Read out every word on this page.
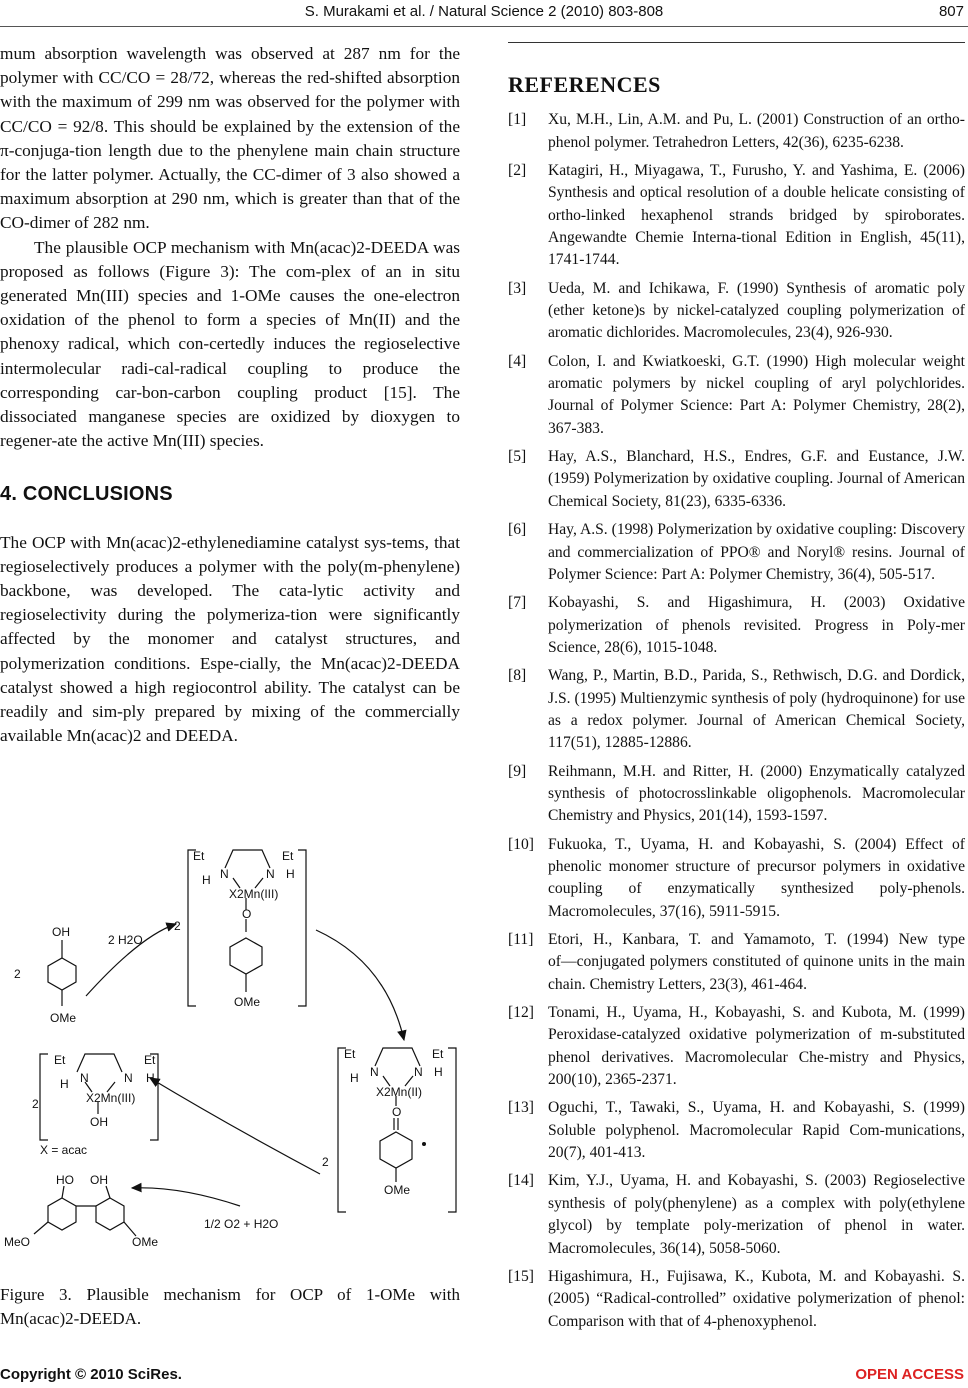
S. Murakami et al. / Natural Science 2 (2010) 803-808	807

mum absorption wavelength was observed at 287 nm for the polymer with CC/CO = 28/72, whereas the red-shifted absorption with the maximum of 299 nm was observed for the polymer with CC/CO = 92/8. This should be explained by the extension of the π-conjuga-tion length due to the phenylene main chain structure for the latter polymer. Actually, the CC-dimer of 3 also showed a maximum absorption at 290 nm, which is greater than that of the CO-dimer of 282 nm.

The plausible OCP mechanism with Mn(acac)2-DEEDA was proposed as follows (Figure 3): The com-plex of an in situ generated Mn(III) species and 1-OMe causes the one-electron oxidation of the phenol to form a species of Mn(II) and the phenoxy radical, which con-certedly induces the regioselective intermolecular radi-cal-radical coupling to produce the corresponding car-bon-carbon coupling product [15]. The dissociated manganese species are oxidized by dioxygen to regener-ate the active Mn(III) species.

4. CONCLUSIONS

The OCP with Mn(acac)2-ethylenediamine catalyst sys-tems, that regioselectively produces a polymer with the poly(m-phenylene) backbone, was developed. The cata-lytic activity and regioselectivity during the polymeriza-tion were significantly affected by the monomer and catalyst structures, and polymerization conditions. Espe-cially, the Mn(acac)2-DEEDA catalyst showed a high regiocontrol ability. The catalyst can be readily and sim-ply prepared by mixing of the commercially available Mn(acac)2 and DEEDA.

OH
OMe
2
2 H2O
2
Et	Et
N	N
H	H
X2Mn(III)
O
OMe
Et	Et
N	N
H	H
X2Mn(III)
OH
2
X = acac
Et	Et
N	N
H	H
X2Mn(II)
O
OMe
2
HO OH
MeO	OMe
1/2 O2 + H2O
Figure 3. Plausible mechanism for OCP of 1-OMe with Mn(acac)2-DEEDA.
REFERENCES
[1] Xu, M.H., Lin, A.M. and Pu, L. (2001) Construction of an ortho-phenol polymer. Tetrahedron Letters, 42(36), 6235-6238.
[2] Katagiri, H., Miyagawa, T., Furusho, Y. and Yashima, E. (2006) Synthesis and optical resolution of a double helicate consisting of ortho-linked hexaphenol strands bridged by spiroborates. Angewandte Chemie Interna-tional Edition in English, 45(11), 1741-1744.
[3] Ueda, M. and Ichikawa, F. (1990) Synthesis of aromatic poly (ether ketone)s by nickel-catalyzed coupling polymerization of aromatic dichlorides. Macromolecules, 23(4), 926-930.
[4] Colon, I. and Kwiatkoeski, G.T. (1990) High molecular weight aromatic polymers by nickel coupling of aryl polychlorides. Journal of Polymer Science: Part A: Polymer Chemistry, 28(2), 367-383.
[5] Hay, A.S., Blanchard, H.S., Endres, G.F. and Eustance, J.W. (1959) Polymerization by oxidative coupling. Journal of American Chemical Society, 81(23), 6335-6336.
[6] Hay, A.S. (1998) Polymerization by oxidative coupling: Discovery and commercialization of PPO® and Noryl® resins. Journal of Polymer Science: Part A: Polymer Chemistry, 36(4), 505-517.
[7] Kobayashi, S. and Higashimura, H. (2003) Oxidative polymerization of phenols revisited. Progress in Poly-mer Science, 28(6), 1015-1048.
[8] Wang, P., Martin, B.D., Parida, S., Rethwisch, D.G. and Dordick, J.S. (1995) Multienzymic synthesis of poly (hydroquinone) for use as a redox polymer. Journal of American Chemical Society, 117(51), 12885-12886.
[9] Reihmann, M.H. and Ritter, H. (2000) Enzymatically catalyzed synthesis of photocrosslinkable oligophenols. Macromolecular Chemistry and Physics, 201(14), 1593-1597.
[10] Fukuoka, T., Uyama, H. and Kobayashi, S. (2004) Effect of phenolic monomer structure of precursor polymers in oxidative coupling of enzymatically synthesized poly-phenols. Macromolecules, 37(16), 5911-5915.
[11] Etori, H., Kanbara, T. and Yamamoto, T. (1994) New type of―conjugated polymers constituted of quinone units in the main chain. Chemistry Letters, 23(3), 461-464.
[12] Tonami, H., Uyama, H., Kobayashi, S. and Kubota, M. (1999) Peroxidase-catalyzed oxidative polymerization of m-substituted phenol derivatives. Macromolecular Che-mistry and Physics, 200(10), 2365-2371.
[13] Oguchi, T., Tawaki, S., Uyama, H. and Kobayashi, S. (1999) Soluble polyphenol. Macromolecular Rapid Com-munications, 20(7), 401-413.
[14] Kim, Y.J., Uyama, H. and Kobayashi, S. (2003) Regioselective synthesis of poly(phenylene) as a complex with poly(ethylene glycol) by template poly-merization of phenol in water. Macromolecules, 36(14), 5058-5060.
[15] Higashimura, H., Fujisawa, K., Kubota, M. and Kobayashi. S. (2005) “Radical-controlled” oxidative polymerization of phenol: Comparison with that of 4-phenoxyphenol.
Copyright © 2010 SciRes.	OPEN ACCESS
